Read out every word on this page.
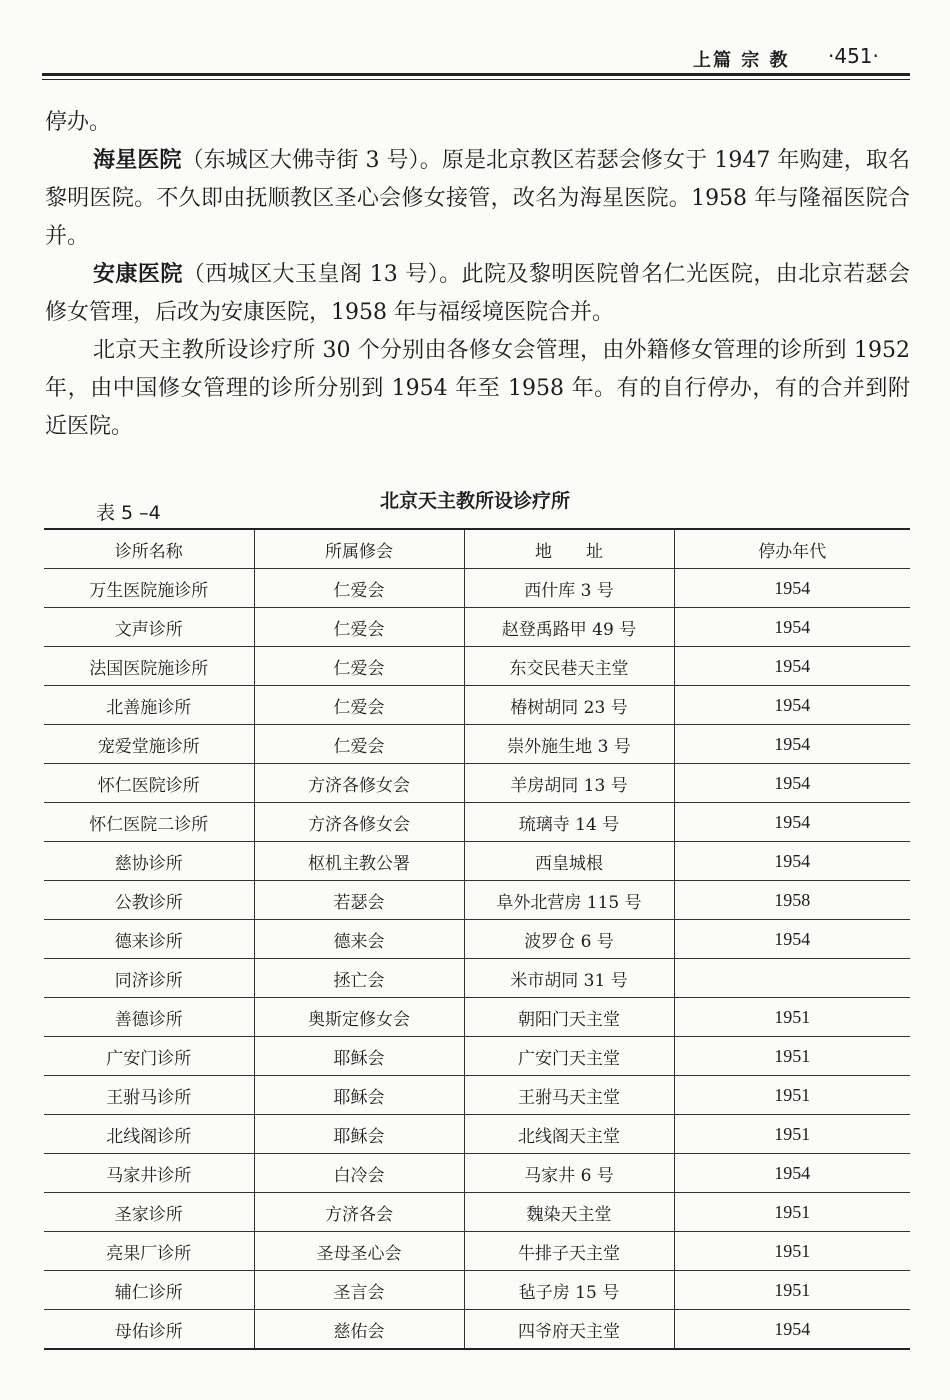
上篇 宗 教 ·451·

停办。

海星医院（东城区大佛寺街 3 号）。原是北京教区若瑟会修女于 1947 年购建，取名黎明医院。不久即由抚顺教区圣心会修女接管，改名为海星医院。1958 年与隆福医院合并。

安康医院（西城区大玉皇阁 13 号）。此院及黎明医院曾名仁光医院，由北京若瑟会修女管理，后改为安康医院，1958 年与福绥境医院合并。

北京天主教所设诊疗所 30 个分别由各修女会管理，由外籍修女管理的诊所到 1952 年，由中国修女管理的诊所分别到 1954 年至 1958 年。有的自行停办，有的合并到附近医院。

表 5 –4
北京天主教所设诊疗所
诊所名称	所属修会	地　　址	停办年代
万生医院施诊所	仁爱会	西什库 3 号	1954
文声诊所	仁爱会	赵登禹路甲 49 号	1954
法国医院施诊所	仁爱会	东交民巷天主堂	1954
北善施诊所	仁爱会	椿树胡同 23 号	1954
宠爱堂施诊所	仁爱会	崇外施生地 3 号	1954
怀仁医院诊所	方济各修女会	羊房胡同 13 号	1954
怀仁医院二诊所	方济各修女会	琉璃寺 14 号	1954
慈协诊所	枢机主教公署	西皇城根	1954
公教诊所	若瑟会	阜外北营房 115 号	1958
德来诊所	德来会	波罗仓 6 号	1954
同济诊所	拯亡会	米市胡同 31 号	
善德诊所	奥斯定修女会	朝阳门天主堂	1951
广安门诊所	耶稣会	广安门天主堂	1951
王驸马诊所	耶稣会	王驸马天主堂	1951
北线阁诊所	耶稣会	北线阁天主堂	1951
马家井诊所	白冷会	马家井 6 号	1954
圣家诊所	方济各会	魏染天主堂	1951
亮果厂诊所	圣母圣心会	牛排子天主堂	1951
辅仁诊所	圣言会	毡子房 15 号	1951
母佑诊所	慈佑会	四爷府天主堂	1954
